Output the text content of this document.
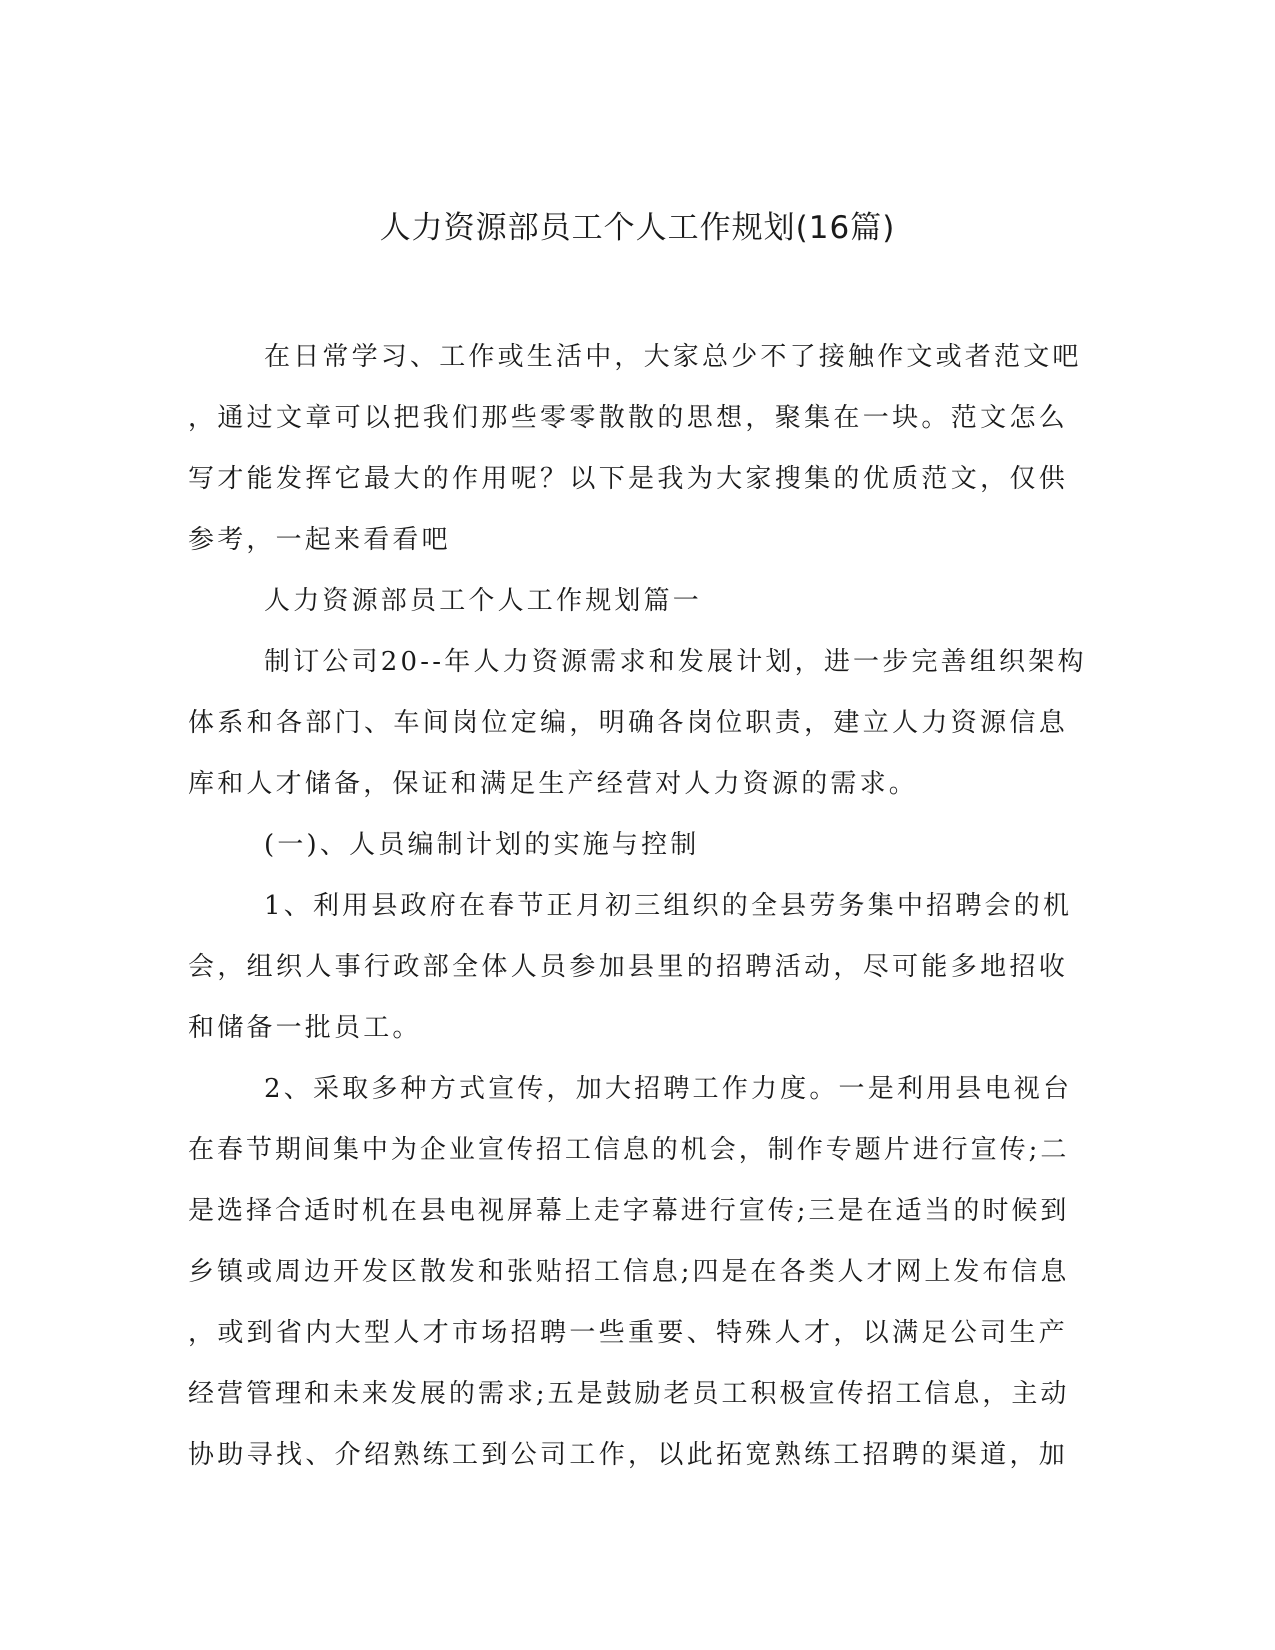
人力资源部员工个人工作规划(16篇)
在日常学习、工作或生活中，大家总少不了接触作文或者范文吧
，通过文章可以把我们那些零零散散的思想，聚集在一块。范文怎么
写才能发挥它最大的作用呢？以下是我为大家搜集的优质范文，仅供
参考，一起来看看吧
人力资源部员工个人工作规划篇一
制订公司20--年人力资源需求和发展计划，进一步完善组织架构
体系和各部门、车间岗位定编，明确各岗位职责，建立人力资源信息
库和人才储备，保证和满足生产经营对人力资源的需求。
(一)、人员编制计划的实施与控制
1、利用县政府在春节正月初三组织的全县劳务集中招聘会的机
会，组织人事行政部全体人员参加县里的招聘活动，尽可能多地招收
和储备一批员工。
2、采取多种方式宣传，加大招聘工作力度。一是利用县电视台
在春节期间集中为企业宣传招工信息的机会，制作专题片进行宣传;二
是选择合适时机在县电视屏幕上走字幕进行宣传;三是在适当的时候到
乡镇或周边开发区散发和张贴招工信息;四是在各类人才网上发布信息
，或到省内大型人才市场招聘一些重要、特殊人才，以满足公司生产
经营管理和未来发展的需求;五是鼓励老员工积极宣传招工信息，主动
协助寻找、介绍熟练工到公司工作，以此拓宽熟练工招聘的渠道，加
